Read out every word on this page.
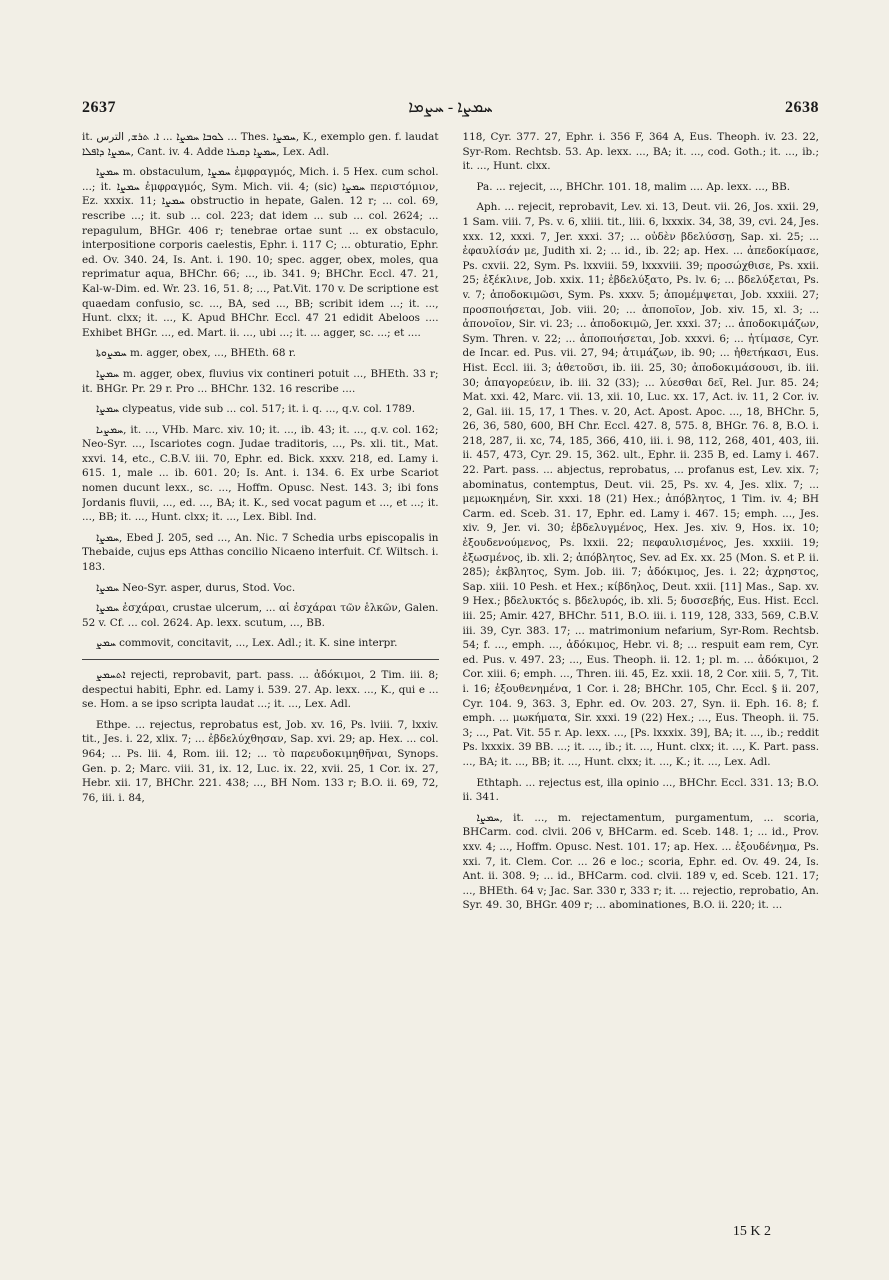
2637	ܚܡܨܐ - ܚܨܡܐ	2638

it. ܠܘܒܐ ܚܡܨܐ ... ܐ. ܬܪܫ, الترس ... Thes. ܚܡܨܐ, K., exemplo gen. f. laudat ܚܡܨܐ ܕܐܦܠܐ, Cant. iv. 4. Adde ܚܡܨܐ ܕܩܝܪܐ, Lex. Adl.

ܚܡܨܐ m. obstaculum, ܚܡܨܐ ἐμφραγμός, Mich. i. 5 Hex. cum schol. ...; it. ܚܡܨܐ ἐμφραγμός, Sym. Mich. vii. 4; (sic) ܚܡܨܐ περιστόμιον, Ez. xxxix. 11; ܚܡܨܐ obstructio in hepate, Galen. 12 r; ... col. 69, rescribe ...; it. sub ... col. 223; dat idem ... sub ... col. 2624; ... repagulum, BHGr. 406 r; tenebrae ortae sunt ... ex obstaculo, interpositione corporis caelestis, Ephr. i. 117 C; ... obturatio, Ephr. ed. Ov. 340. 24, Is. Ant. i. 190. 10; spec. agger, obex, moles, qua reprimatur aqua, BHChr. 66; ..., ib. 341. 9; BHChr. Eccl. 47. 21, Kal-w-Dim. ed. Wr. 23. 16, 51. 8; ..., Pat.Vit. 170 v. De scriptione est quaedam confusio, sc. ..., BA, sed ..., BB; scribit idem ...; it. ..., Hunt. clxx; it. ..., K. Apud BHChr. Eccl. 47 21 edidit Abeloos .... Exhibet BHGr. ..., ed. Mart. ii. ..., ubi ...; it. ... agger, sc. ...; et ....

ܚܡܨܘܬܐ m. agger, obex, ..., BHEth. 68 r.

ܚܡܨܐ m. agger, obex, fluvius vix contineri potuit ..., BHEth. 33 r; it. BHGr. Pr. 29 r. Pro ... BHChr. 132. 16 rescribe ....

ܚܡܨܐ clypeatus, vide sub ... col. 517; it. i. q. ..., q.v. col. 1789.

ܚܡܨܝܐ, it. ..., VHb. Marc. xiv. 10; it. ..., ib. 43; it. ..., q.v. col. 162; Neo-Syr. ..., Iscariotes cogn. Judae traditoris, ..., Ps. xli. tit., Mat. xxvi. 14, etc., C.B.V. iii. 70, Ephr. ed. Bick. xxxv. 218, ed. Lamy i. 615. 1, male ... ib. 601. 20; Is. Ant. i. 134. 6. Ex urbe Scariot nomen ducunt lexx., sc. ..., Hoffm. Opusc. Nest. 143. 3; ibi fons Jordanis fluvii, ..., ed. ..., BA; it. K., sed vocat pagum et ..., et ...; it. ..., BB; it. ..., Hunt. clxx; it. ..., Lex. Bibl. Ind.

ܚܡܨܐ, Ebed J. 205, sed ..., An. Nic. 7 Schedia urbs episcopalis in Thebaide, cujus eps Atthas concilio Nicaeno interfuit. Cf. Wiltsch. i. 183.

ܚܡܨܐ Neo-Syr. asper, durus, Stod. Voc.

ܚܡܨܐ ἐσχάραι, crustae ulcerum, ... αἱ ἐσχάραι τῶν ἑλκῶν, Galen. 52 v. Cf. ... col. 2624. Ap. lexx. scutum, ..., BB.

ܚܡܨ commovit, concitavit, ..., Lex. Adl.; it. K. sine interpr.

ܐܬܚܡܨ rejecti, reprobavit, part. pass. ... ἀδόκιμοι, 2 Tim. iii. 8; despectui habiti, Ephr. ed. Lamy i. 539. 27. Ap. lexx. ..., K., qui e ... se. Hom. a se ipso scripta laudat ...; it. ..., Lex. Adl.

Ethpe. ... rejectus, reprobatus est, Job. xv. 16, Ps. lviii. 7, lxxiv. tit., Jes. i. 22, xlix. 7; ... ἐβδελύχθησαν, Sap. xvi. 29; ap. Hex. ... col. 964; ... Ps. lii. 4, Rom. iii. 12; ... τὸ παρευδοκιμηθῆναι, Synops. Gen. p. 2; Marc. viii. 31, ix. 12, Luc. ix. 22, xvii. 25, 1 Cor. ix. 27, Hebr. xii. 17, BHChr. 221. 438; ..., BH Nom. 133 r; B.O. ii. 69, 72, 76, iii. i. 84,

118, Cyr. 377. 27, Ephr. i. 356 F, 364 A, Eus. Theoph. iv. 23. 22, Syr-Rom. Rechtsb. 53. Ap. lexx. ..., BA; it. ..., cod. Goth.; it. ..., ib.; it. ..., Hunt. clxx.

Pa. ... rejecit, ..., BHChr. 101. 18, malim .... Ap. lexx. ..., BB.

Aph. ... rejecit, reprobavit, Lev. xi. 13, Deut. vii. 26, Jos. xxii. 29, 1 Sam. viii. 7, Ps. v. 6, xliii. tit., liii. 6, lxxxix. 34, 38, 39, cvi. 24, Jes. xxx. 12, xxxi. 7, Jer. xxxi. 37; ... οὐδὲν βδελύσσῃ, Sap. xi. 25; ... ἐφαυλίσάν με, Judith xi. 2; ... id., ib. 22; ap. Hex. ... ἀπεδοκίμασε, Ps. cxvii. 22, Sym. Ps. lxxviii. 59, lxxxviii. 39; προσώχθισε, Ps. xxii. 25; ἐξέκλινε, Job. xxix. 11; ἐβδελύξατο, Ps. lv. 6; ... βδελύξεται, Ps. v. 7; ἀποδοκιμῶσι, Sym. Ps. xxxv. 5; ἀπομέμψεται, Job. xxxiii. 27; προσποιήσεται, Job. viii. 20; ... ἀποποῖον, Job. xiv. 15, xl. 3; ... ἀπονοῖον, Sir. vi. 23; ... ἀποδοκιμῶ, Jer. xxxi. 37; ... ἀποδοκιμάζων, Sym. Thren. v. 22; ... ἀποποιήσεται, Job. xxxvi. 6; ... ἠτίμασε, Cyr. de Incar. ed. Pus. vii. 27, 94; ἀτιμάζων, ib. 90; ... ἠθετήκασι, Eus. Hist. Eccl. iii. 3; ἀθετοῦσι, ib. iii. 25, 30; ἀποδοκιμάσουσι, ib. iii. 30; ἀπαγορεύειν, ib. iii. 32 (33); ... λύεσθαι δεῖ, Rel. Jur. 85. 24; Mat. xxi. 42, Marc. vii. 13, xii. 10, Luc. xx. 17, Act. iv. 11, 2 Cor. iv. 2, Gal. iii. 15, 17, 1 Thes. v. 20, Act. Apost. Apoc. ..., 18, BHChr. 5, 26, 36, 580, 600, BH Chr. Eccl. 427. 8, 575. 8, BHGr. 76. 8, B.O. i. 218, 287, ii. xc, 74, 185, 366, 410, iii. i. 98, 112, 268, 401, 403, iii. ii. 457, 473, Cyr. 29. 15, 362. ult., Ephr. ii. 235 B, ed. Lamy i. 467. 22. Part. pass. ... abjectus, reprobatus, ... profanus est, Lev. xix. 7; abominatus, contemptus, Deut. vii. 25, Ps. xv. 4, Jes. xlix. 7; ... μεμωκημένη, Sir. xxxi. 18 (21) Hex.; ἀπόβλητος, 1 Tim. iv. 4; BH Carm. ed. Sceb. 31. 17, Ephr. ed. Lamy i. 467. 15; emph. ..., Jes. xiv. 9, Jer. vi. 30; ἐβδελυγμένος, Hex. Jes. xiv. 9, Hos. ix. 10; ἐξουδενούμενος, Ps. lxxii. 22; πεφαυλισμένος, Jes. xxxiii. 19; ἐξωσμένος, ib. xli. 2; ἀπόβλητος, Sev. ad Ex. xx. 25 (Mon. S. et P. ii. 285); ἐκβλητος, Sym. Job. iii. 7; ἀδόκιμος, Jes. i. 22; ἀχρηστος, Sap. xiii. 10 Pesh. et Hex.; κίβδηλος, Deut. xxii. [11] Mas., Sap. xv. 9 Hex.; βδελυκτός s. βδελυρός, ib. xli. 5; δυσσεβής, Eus. Hist. Eccl. iii. 25; Amir. 427, BHChr. 511, B.O. iii. i. 119, 128, 333, 569, C.B.V. iii. 39, Cyr. 383. 17; ... matrimonium nefarium, Syr-Rom. Rechtsb. 54; f. ..., emph. ..., ἀδόκιμος, Hebr. vi. 8; ... respuit eam rem, Cyr. ed. Pus. v. 497. 23; ..., Eus. Theoph. ii. 12. 1; pl. m. ... ἀδόκιμοι, 2 Cor. xiii. 6; emph. ..., Thren. iii. 45, Ez. xxii. 18, 2 Cor. xiii. 5, 7, Tit. i. 16; ἐξουθενημένα, 1 Cor. i. 28; BHChr. 105, Chr. Eccl. § ii. 207, Cyr. 104. 9, 363. 3, Ephr. ed. Ov. 203. 27, Syn. ii. Eph. 16. 8; f. emph. ... μωκήματα, Sir. xxxi. 19 (22) Hex.; ..., Eus. Theoph. ii. 75. 3; ..., Pat. Vit. 55 r. Ap. lexx. ..., [Ps. lxxxix. 39], BA; it. ..., ib.; reddit Ps. lxxxix. 39 BB. ...; it. ..., ib.; it. ..., Hunt. clxx; it. ..., K. Part. pass. ..., BA; it. ..., BB; it. ..., Hunt. clxx; it. ..., K.; it. ..., Lex. Adl.

Ethtaph. ... rejectus est, illa opinio ..., BHChr. Eccl. 331. 13; B.O. ii. 341.

ܚܡܨܐ, it. ..., m. rejectamentum, purgamentum, ... scoria, BHCarm. cod. clvii. 206 v, BHCarm. ed. Sceb. 148. 1; ... id., Prov. xxv. 4; ..., Hoffm. Opusc. Nest. 101. 17; ap. Hex. ... ἐξουδένημα, Ps. xxi. 7, it. Clem. Cor. ... 26 e loc.; scoria, Ephr. ed. Ov. 49. 24, Is. Ant. ii. 308. 9; ... id., BHCarm. cod. clvii. 189 v, ed. Sceb. 121. 17; ..., BHEth. 64 v; Jac. Sar. 330 r, 333 r; it. ... rejectio, reprobatio, An. Syr. 49. 30, BHGr. 409 r; ... abominationes, B.O. ii. 220; it. ...

15 K 2
